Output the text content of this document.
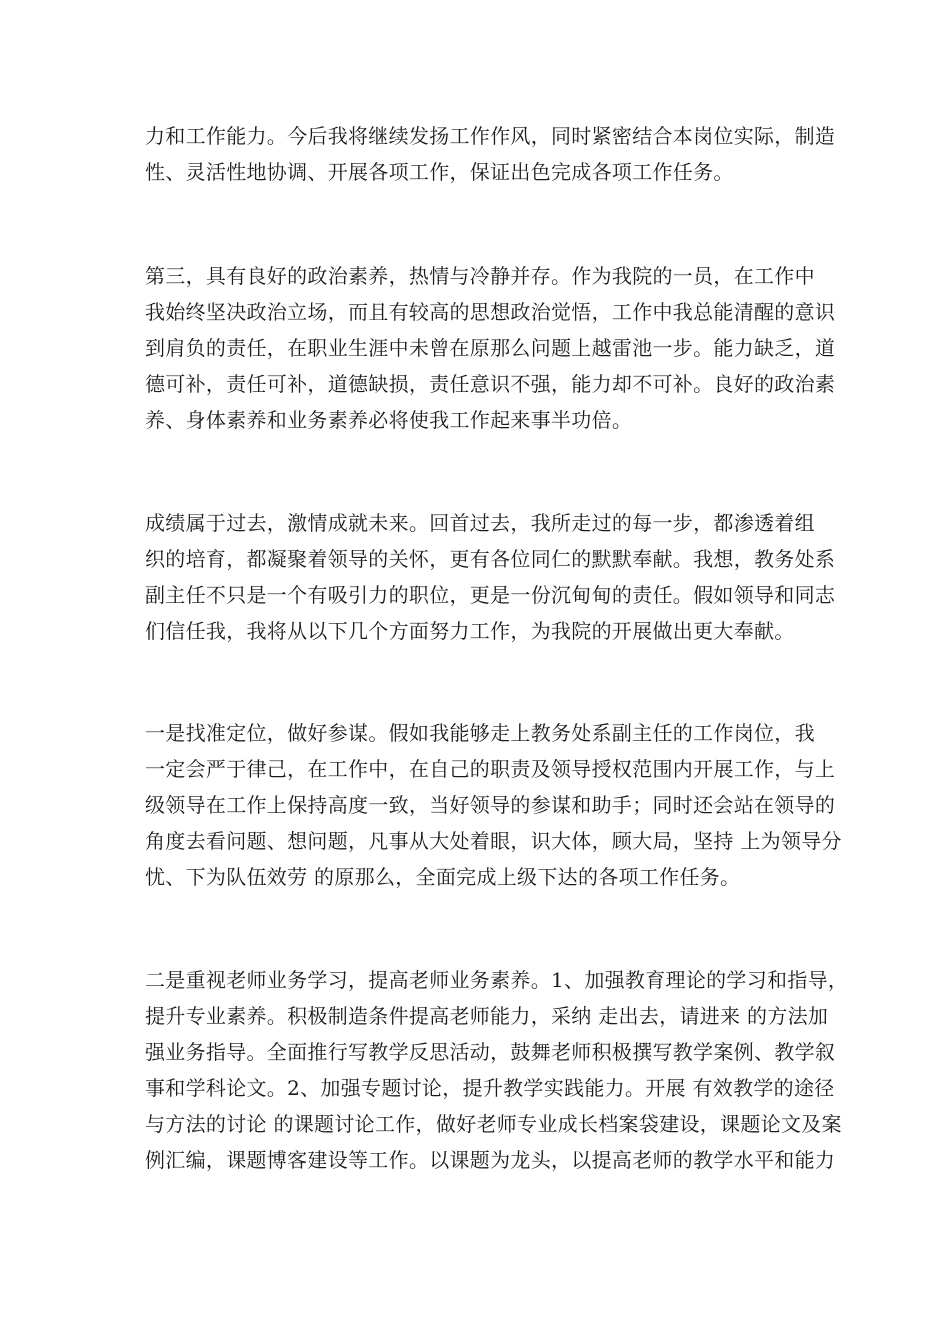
力和工作能力。今后我将继续发扬工作作风，同时紧密结合本岗位实际，制造
性、灵活性地协调、开展各项工作，保证出色完成各项工作任务。
第三，具有良好的政治素养，热情与冷静并存。作为我院的一员，在工作中
我始终坚决政治立场，而且有较高的思想政治觉悟，工作中我总能清醒的意识
到肩负的责任，在职业生涯中未曾在原那么问题上越雷池一步。能力缺乏，道
德可补，责任可补，道德缺损，责任意识不强，能力却不可补。良好的政治素
养、身体素养和业务素养必将使我工作起来事半功倍。
成绩属于过去，激情成就未来。回首过去，我所走过的每一步，都渗透着组
织的培育，都凝聚着领导的关怀，更有各位同仁的默默奉献。我想，教务处系
副主任不只是一个有吸引力的职位，更是一份沉甸甸的责任。假如领导和同志
们信任我，我将从以下几个方面努力工作，为我院的开展做出更大奉献。
一是找准定位，做好参谋。假如我能够走上教务处系副主任的工作岗位，我
一定会严于律己，在工作中，在自己的职责及领导授权范围内开展工作，与上
级领导在工作上保持高度一致，当好领导的参谋和助手；同时还会站在领导的
角度去看问题、想问题，凡事从大处着眼，识大体，顾大局，坚持 上为领导分
忧、下为队伍效劳 的原那么，全面完成上级下达的各项工作任务。
二是重视老师业务学习，提高老师业务素养。1、加强教育理论的学习和指导，
提升专业素养。积极制造条件提高老师能力，采纳 走出去，请进来 的方法加
强业务指导。全面推行写教学反思活动，鼓舞老师积极撰写教学案例、教学叙
事和学科论文。2、加强专题讨论，提升教学实践能力。开展 有效教学的途径
与方法的讨论 的课题讨论工作，做好老师专业成长档案袋建设，课题论文及案
例汇编，课题博客建设等工作。以课题为龙头，以提高老师的教学水平和能力
